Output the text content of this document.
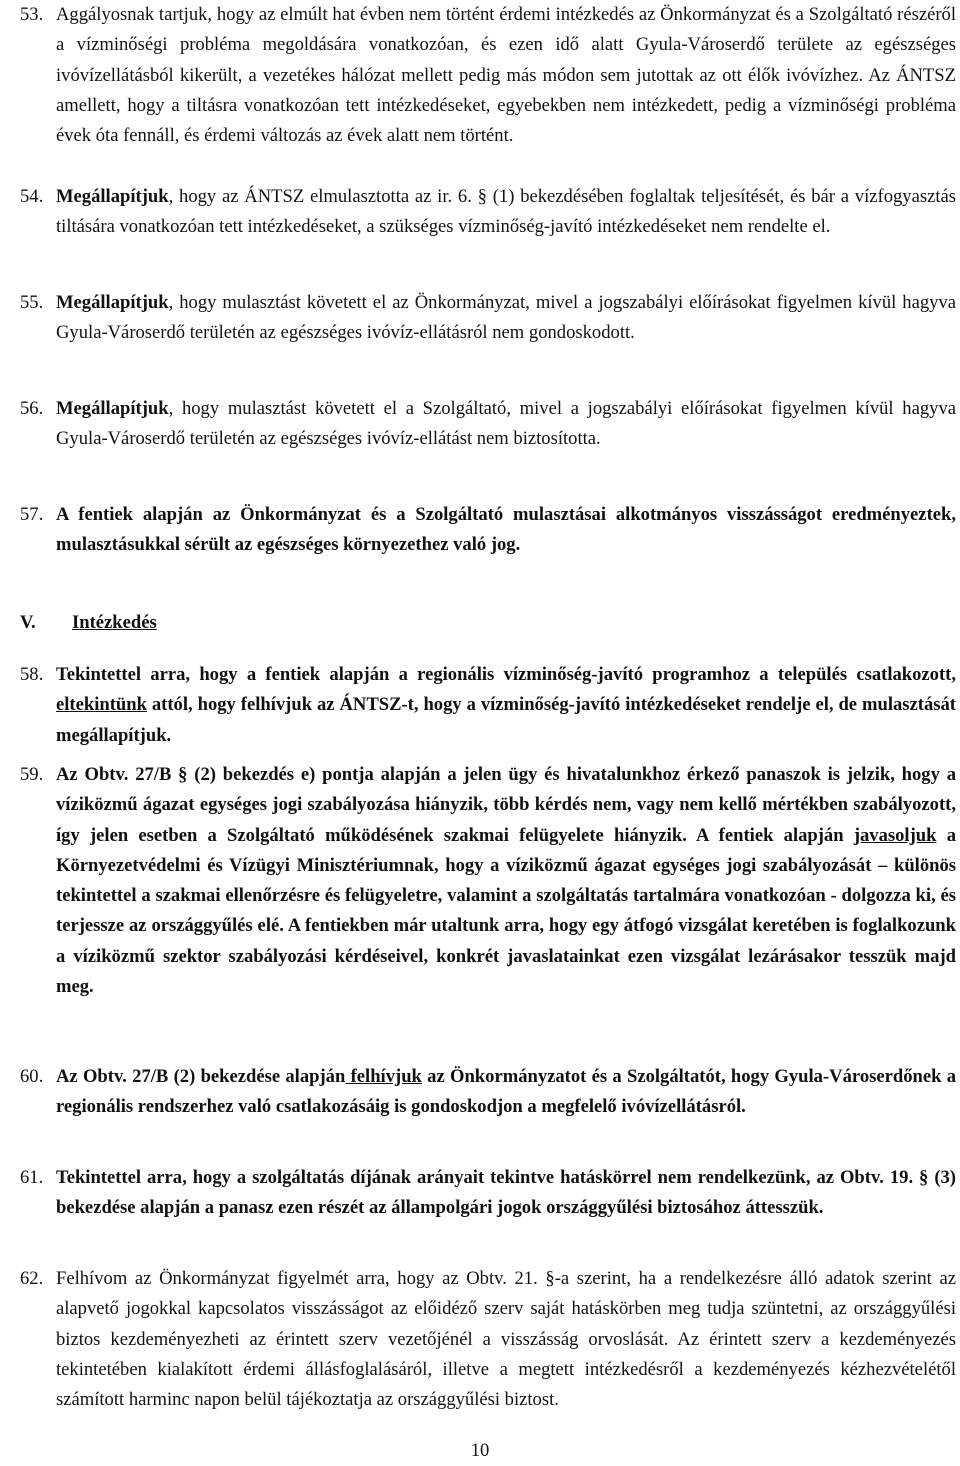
53. Aggályosnak tartjuk, hogy az elmúlt hat évben nem történt érdemi intézkedés az Önkormányzat és a Szolgáltató részéről a vízminőségi probléma megoldására vonatkozóan, és ezen idő alatt Gyula-Városerdő területe az egészséges ivóvízellátásból kikerült, a vezetékes hálózat mellett pedig más módon sem jutottak az ott élők ivóvízhez. Az ÁNTSZ amellett, hogy a tiltásra vonatkozóan tett intézkedéseket, egyebekben nem intézkedett, pedig a vízminőségi probléma évek óta fennáll, és érdemi változás az évek alatt nem történt.
54. Megállapítjuk, hogy az ÁNTSZ elmulasztotta az ir. 6. § (1) bekezdésében foglaltak teljesítését, és bár a vízfogyasztás tiltására vonatkozóan tett intézkedéseket, a szükséges vízminőség-javító intézkedéseket nem rendelte el.
55. Megállapítjuk, hogy mulasztást követett el az Önkormányzat, mivel a jogszabályi előírásokat figyelmen kívül hagyva Gyula-Városerdő területén az egészséges ivóvíz-ellátásról nem gondoskodott.
56. Megállapítjuk, hogy mulasztást követett el a Szolgáltató, mivel a jogszabályi előírásokat figyelmen kívül hagyva Gyula-Városerdő területén az egészséges ivóvíz-ellátást nem biztosította.
57. A fentiek alapján az Önkormányzat és a Szolgáltató mulasztásai alkotmányos visszásságot eredményeztek, mulasztásukkal sérült az egészséges környezethez való jog.
V. Intézkedés
58. Tekintettel arra, hogy a fentiek alapján a regionális vízminőség-javító programhoz a település csatlakozott, eltekintünk attól, hogy felhívjuk az ÁNTSZ-t, hogy a vízminőség-javító intézkedéseket rendelje el, de mulasztását megállapítjuk.
59. Az Obtv. 27/B § (2) bekezdés e) pontja alapján a jelen ügy és hivatalunkhoz érkező panaszok is jelzik, hogy a víziközmű ágazat egységes jogi szabályozása hiányzik, több kérdés nem, vagy nem kellő mértékben szabályozott, így jelen esetben a Szolgáltató működésének szakmai felügyelete hiányzik. A fentiek alapján javasoljuk a Környezetvédelmi és Vízügyi Minisztériumnak, hogy a víziközmű ágazat egységes jogi szabályozását – különös tekintettel a szakmai ellenőrzésre és felügyeletre, valamint a szolgáltatás tartalmára vonatkozóan - dolgozza ki, és terjessze az országgyűlés elé. A fentiekben már utaltunk arra, hogy egy átfogó vizsgálat keretében is foglalkozunk a víziközmű szektor szabályozási kérdéseivel, konkrét javaslatainkat ezen vizsgálat lezárásakor tesszük majd meg.
60. Az Obtv. 27/B (2) bekezdése alapján felhívjuk az Önkormányzatot és a Szolgáltatót, hogy Gyula-Városerdőnek a regionális rendszerhez való csatlakozásáig is gondoskodjon a megfelelő ivóvízellátásról.
61. Tekintettel arra, hogy a szolgáltatás díjának arányait tekintve hatáskörrel nem rendelkezünk, az Obtv. 19. § (3) bekezdése alapján a panasz ezen részét az állampolgári jogok országgyűlési biztosához áttesszük.
62. Felhívom az Önkormányzat figyelmét arra, hogy az Obtv. 21. §-a szerint, ha a rendelkezésre álló adatok szerint az alapvető jogokkal kapcsolatos visszásságot az előidéző szerv saját hatáskörben meg tudja szüntetni, az országgyűlési biztos kezdeményezheti az érintett szerv vezetőjénél a visszásság orvoslását. Az érintett szerv a kezdeményezés tekintetében kialakított érdemi állásfoglalásáról, illetve a megtett intézkedésről a kezdeményezés kézhezvételétől számított harminc napon belül tájékoztatja az országgyűlési biztost.
10
